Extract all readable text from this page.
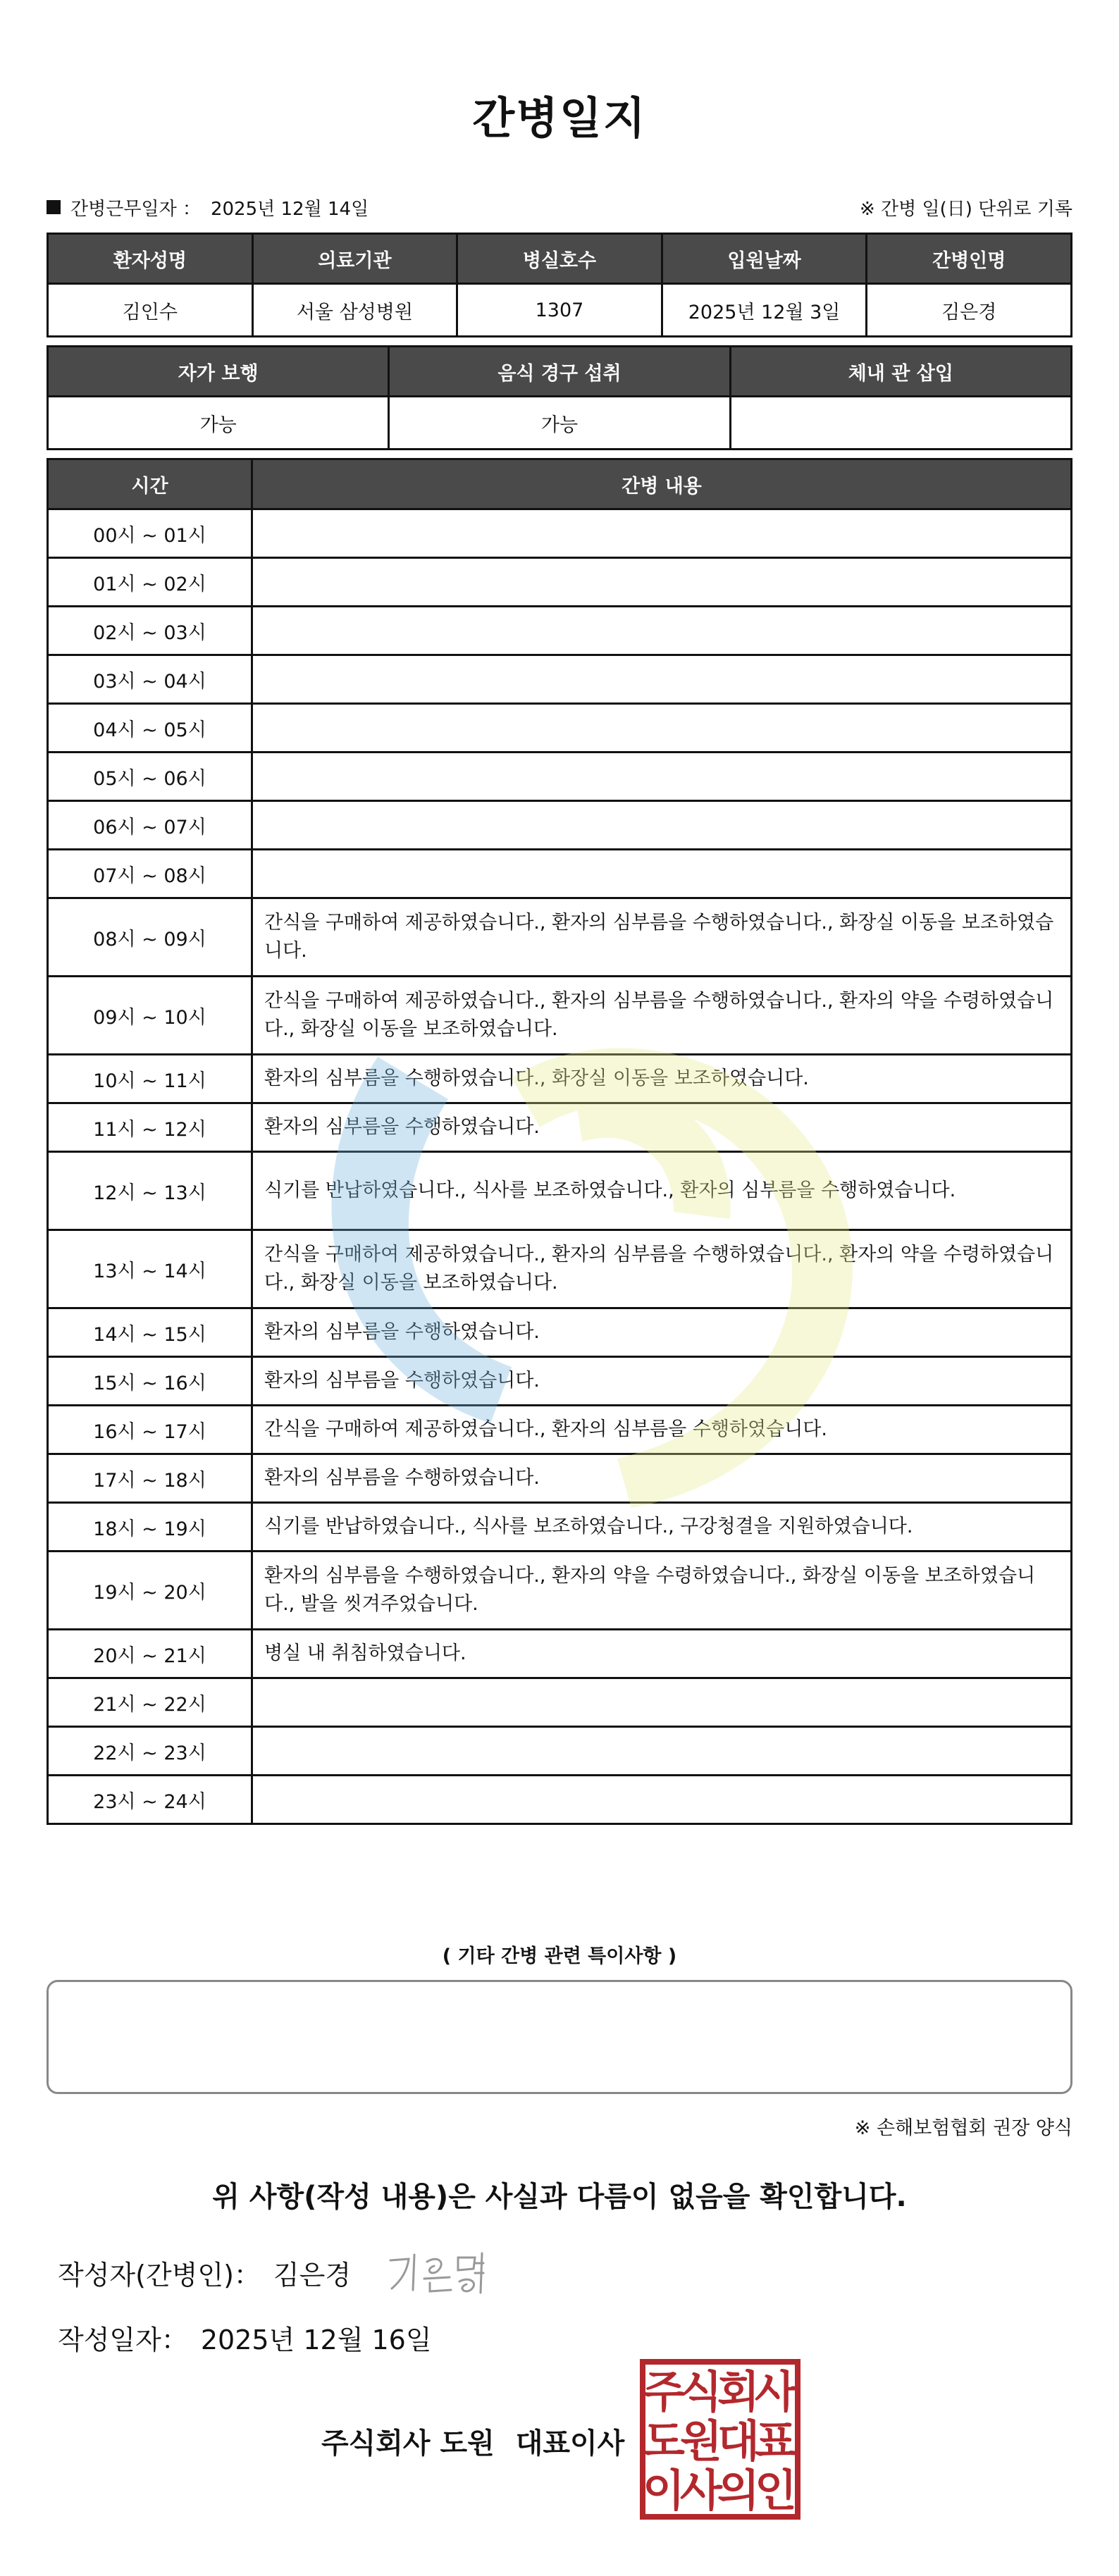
간병일지
간병근무일자 ： 2025년 12월 14일	※ 간병 일(日) 단위로 기록
환자성명	의료기관	병실호수	입원날짜	간병인명
김인수	서울 삼성병원	1307	2025년 12월 3일	김은경
자가 보행	음식 경구 섭취	체내 관 삽입
가능	가능	
시간	간병 내용
00시 ~ 01시	
01시 ~ 02시	
02시 ~ 03시	
03시 ~ 04시	
04시 ~ 05시	
05시 ~ 06시	
06시 ~ 07시	
07시 ~ 08시	
08시 ~ 09시	간식을 구매하여 제공하였습니다., 환자의 심부름을 수행하였습니다., 화장실 이동을 보조하였습니다.
09시 ~ 10시	간식을 구매하여 제공하였습니다., 환자의 심부름을 수행하였습니다., 환자의 약을 수령하였습니다., 화장실 이동을 보조하였습니다.
10시 ~ 11시	환자의 심부름을 수행하였습니다., 화장실 이동을 보조하였습니다.
11시 ~ 12시	환자의 심부름을 수행하였습니다.
12시 ~ 13시	식기를 반납하였습니다., 식사를 보조하였습니다., 환자의 심부름을 수행하였습니다.
13시 ~ 14시	간식을 구매하여 제공하였습니다., 환자의 심부름을 수행하였습니다., 환자의 약을 수령하였습니다., 화장실 이동을 보조하였습니다.
14시 ~ 15시	환자의 심부름을 수행하였습니다.
15시 ~ 16시	환자의 심부름을 수행하였습니다.
16시 ~ 17시	간식을 구매하여 제공하였습니다., 환자의 심부름을 수행하였습니다.
17시 ~ 18시	환자의 심부름을 수행하였습니다.
18시 ~ 19시	식기를 반납하였습니다., 식사를 보조하였습니다., 구강청결을 지원하였습니다.
19시 ~ 20시	환자의 심부름을 수행하였습니다., 환자의 약을 수령하였습니다., 화장실 이동을 보조하였습니다., 발을 씻겨주었습니다.
20시 ~ 21시	병실 내 취침하였습니다.
21시 ~ 22시	
22시 ~ 23시	
23시 ~ 24시	
( 기타 간병 관련 특이사항 )
※ 손해보험협회 권장 양식
위 사항(작성 내용)은 사실과 다름이 없음을 확인합니다.
작성자(간병인)： 김은경
작성일자： 2025년 12월 16일
주식회사 도원 대표이사
주
식
회
사
도
원
대
표
이
사
의
인
